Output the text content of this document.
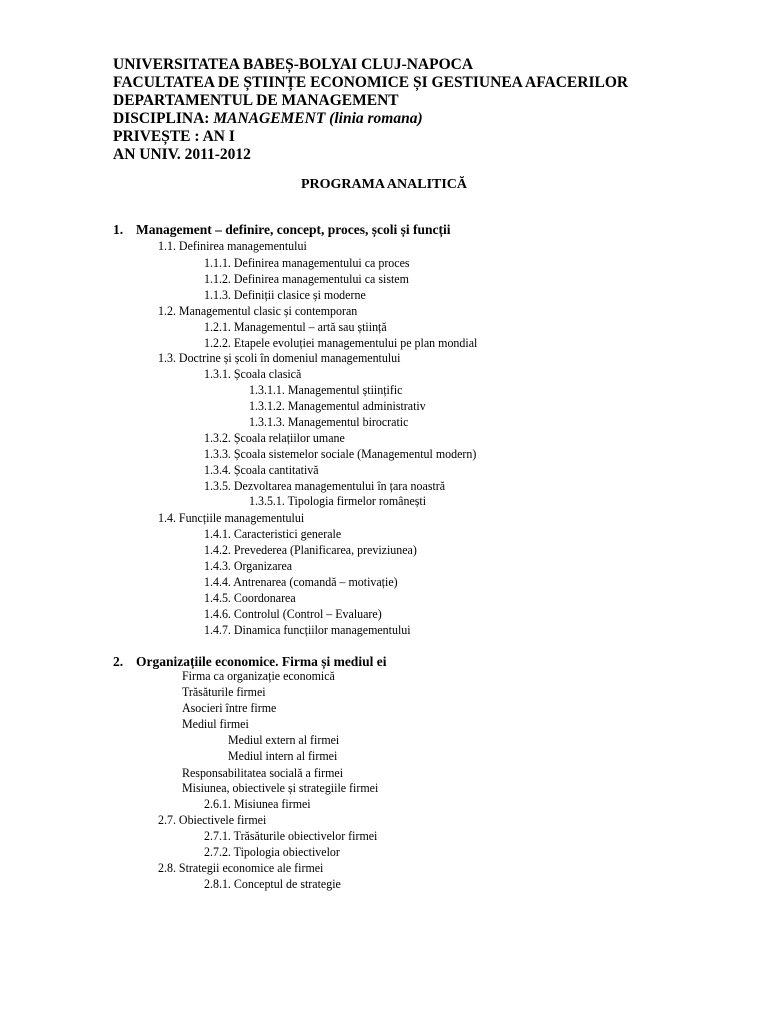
UNIVERSITATEA BABEȘ-BOLYAI CLUJ-NAPOCA
FACULTATEA DE ȘTIINȚE ECONOMICE ȘI GESTIUNEA AFACERILOR
DEPARTAMENTUL DE MANAGEMENT
DISCIPLINA: MANAGEMENT (linia romana)
PRIVEȘTE : AN I
AN UNIV. 2011-2012
PROGRAMA ANALITICĂ
1. Management – definire, concept, proces, școli și funcții
2. Organizațiile economice. Firma și mediul ei
1.1. Definirea managementului
1.1.1. Definirea managementului ca proces
1.1.2. Definirea managementului ca sistem
1.1.3. Definiții clasice și moderne
1.2. Managementul clasic și contemporan
1.2.1. Managementul – artă sau știință
1.2.2. Etapele evoluției managementului pe plan mondial
1.3. Doctrine și școli în domeniul managementului
1.3.1. Școala clasică
1.3.1.1. Managementul științific
1.3.1.2. Managementul administrativ
1.3.1.3. Managementul birocratic
1.3.2. Școala relațiilor umane
1.3.3. Școala sistemelor sociale (Managementul modern)
1.3.4. Școala cantitativă
1.3.5. Dezvoltarea managementului în țara noastră
1.3.5.1. Tipologia firmelor românești
1.4. Funcțiile managementului
1.4.1. Caracteristici generale
1.4.2. Prevederea (Planificarea, previziunea)
1.4.3. Organizarea
1.4.4. Antrenarea (comandă – motivație)
1.4.5. Coordonarea
1.4.6. Controlul (Control – Evaluare)
1.4.7. Dinamica funcțiilor managementului
Firma ca organizație economică
Trăsăturile firmei
Asocieri între firme
Mediul firmei
Mediul extern al firmei
Mediul intern al firmei
Responsabilitatea socială a firmei
Misiunea, obiectivele și strategiile firmei
2.6.1. Misiunea firmei
2.7. Obiectivele firmei
2.7.1. Trăsăturile obiectivelor firmei
2.7.2. Tipologia obiectivelor
2.8. Strategii economice ale firmei
2.8.1. Conceptul de strategie
